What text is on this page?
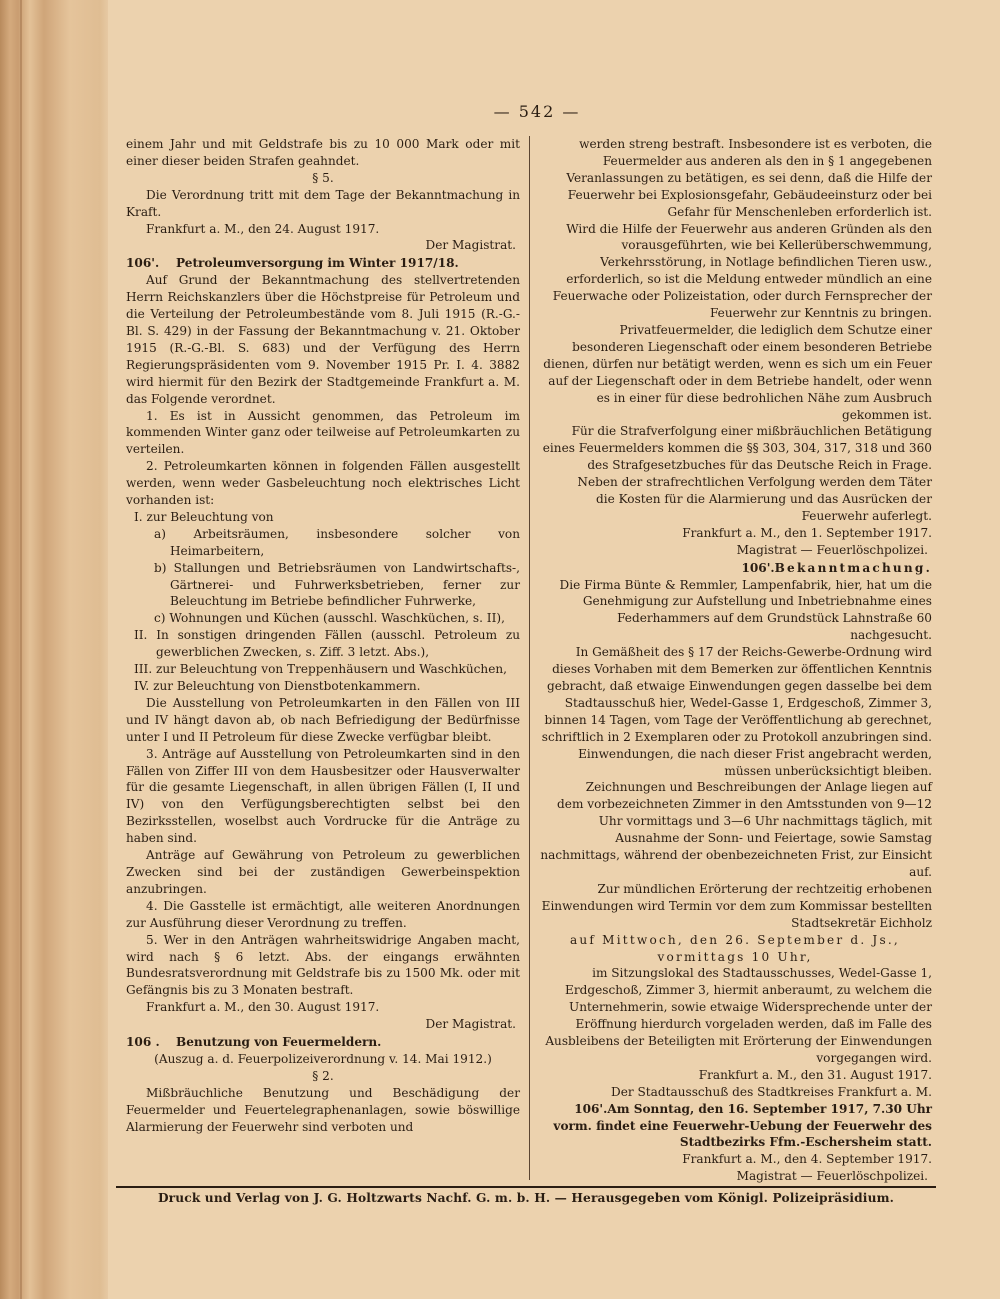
— 542 —

einem Jahr und mit Geldstrafe bis zu 10 000 Mark oder mit einer dieser beiden Strafen geahndet.

§ 5.

Die Verordnung tritt mit dem Tage der Bekanntmachung in Kraft.

Frankfurt a. M., den 24. August 1917.

Der Magistrat.

106'. Petroleumversorgung im Winter 1917/18.

Auf Grund der Bekanntmachung des stellvertretenden Herrn Reichskanzlers über die Höchstpreise für Petroleum und die Verteilung der Petroleumbestände vom 8. Juli 1915 (R.-G.-Bl. S. 429) in der Fassung der Bekanntmachung v. 21. Oktober 1915 (R.-G.-Bl. S. 683) und der Verfügung des Herrn Regierungspräsidenten vom 9. November 1915 Pr. I. 4. 3882 wird hiermit für den Bezirk der Stadtgemeinde Frankfurt a. M. das Folgende verordnet.

1. Es ist in Aussicht genommen, das Petroleum im kommenden Winter ganz oder teilweise auf Petroleumkarten zu verteilen.

2. Petroleumkarten können in folgenden Fällen ausgestellt werden, wenn weder Gasbeleuchtung noch elektrisches Licht vorhanden ist:

I. zur Beleuchtung von

a) Arbeitsräumen, insbesondere solcher von Heimarbeitern,

b) Stallungen und Betriebsräumen von Landwirtschafts-, Gärtnerei- und Fuhrwerksbetrieben, ferner zur Beleuchtung im Betriebe befindlicher Fuhrwerke,

c) Wohnungen und Küchen (ausschl. Waschküchen, s. II),

II. In sonstigen dringenden Fällen (ausschl. Petroleum zu gewerblichen Zwecken, s. Ziff. 3 letzt. Abs.),

III. zur Beleuchtung von Treppenhäusern und Waschküchen,

IV. zur Beleuchtung von Dienstbotenkammern.

Die Ausstellung von Petroleumkarten in den Fällen von III und IV hängt davon ab, ob nach Befriedigung der Bedürfnisse unter I und II Petroleum für diese Zwecke verfügbar bleibt.

3. Anträge auf Ausstellung von Petroleumkarten sind in den Fällen von Ziffer III von dem Hausbesitzer oder Hausverwalter für die gesamte Liegenschaft, in allen übrigen Fällen (I, II und IV) von den Verfügungsberechtigten selbst bei den Bezirksstellen, woselbst auch Vordrucke für die Anträge zu haben sind.

Anträge auf Gewährung von Petroleum zu gewerblichen Zwecken sind bei der zuständigen Gewerbeinspektion anzubringen.

4. Die Gasstelle ist ermächtigt, alle weiteren Anordnungen zur Ausführung dieser Verordnung zu treffen.

5. Wer in den Anträgen wahrheitswidrige Angaben macht, wird nach § 6 letzt. Abs. der eingangs erwähnten Bundesratsverordnung mit Geldstrafe bis zu 1500 Mk. oder mit Gefängnis bis zu 3 Monaten bestraft.

Frankfurt a. M., den 30. August 1917.

Der Magistrat.

106 . Benutzung von Feuermeldern.

(Auszug a. d. Feuerpolizeiverordnung v. 14. Mai 1912.)

§ 2.

Mißbräuchliche Benutzung und Beschädigung der Feuermelder und Feuertelegraphenanlagen, sowie böswillige Alarmierung der Feuerwehr sind verboten und

werden streng bestraft. Insbesondere ist es verboten, die Feuermelder aus anderen als den in § 1 angegebenen Veranlassungen zu betätigen, es sei denn, daß die Hilfe der Feuerwehr bei Explosionsgefahr, Gebäudeeinsturz oder bei Gefahr für Menschenleben erforderlich ist.

Wird die Hilfe der Feuerwehr aus anderen Gründen als den vorausgeführten, wie bei Kellerüberschwemmung, Verkehrsstörung, in Notlage befindlichen Tieren usw., erforderlich, so ist die Meldung entweder mündlich an eine Feuerwache oder Polizeistation, oder durch Fernsprecher der Feuerwehr zur Kenntnis zu bringen.

Privatfeuermelder, die lediglich dem Schutze einer besonderen Liegenschaft oder einem besonderen Betriebe dienen, dürfen nur betätigt werden, wenn es sich um ein Feuer auf der Liegenschaft oder in dem Betriebe handelt, oder wenn es in einer für diese bedrohlichen Nähe zum Ausbruch gekommen ist.

Für die Strafverfolgung einer mißbräuchlichen Betätigung eines Feuermelders kommen die §§ 303, 304, 317, 318 und 360 des Strafgesetzbuches für das Deutsche Reich in Frage.

Neben der strafrechtlichen Verfolgung werden dem Täter die Kosten für die Alarmierung und das Ausrücken der Feuerwehr auferlegt.

Frankfurt a. M., den 1. September 1917.

Magistrat — Feuerlöschpolizei.

106'.Bekanntmachung.

Die Firma Bünte & Remmler, Lampenfabrik, hier, hat um die Genehmigung zur Aufstellung und Inbetriebnahme eines Federhammers auf dem Grundstück Lahnstraße 60 nachgesucht.

In Gemäßheit des § 17 der Reichs-Gewerbe-Ordnung wird dieses Vorhaben mit dem Bemerken zur öffentlichen Kenntnis gebracht, daß etwaige Einwendungen gegen dasselbe bei dem Stadtausschuß hier, Wedel-Gasse 1, Erdgeschoß, Zimmer 3, binnen 14 Tagen, vom Tage der Veröffentlichung ab gerechnet, schriftlich in 2 Exemplaren oder zu Protokoll anzubringen sind.

Einwendungen, die nach dieser Frist angebracht werden, müssen unberücksichtigt bleiben.

Zeichnungen und Beschreibungen der Anlage liegen auf dem vorbezeichneten Zimmer in den Amtsstunden von 9—12 Uhr vormittags und 3—6 Uhr nachmittags täglich, mit Ausnahme der Sonn- und Feiertage, sowie Samstag nachmittags, während der obenbezeichneten Frist, zur Einsicht auf.

Zur mündlichen Erörterung der rechtzeitig erhobenen Einwendungen wird Termin vor dem zum Kommissar bestellten Stadtsekretär Eichholz

auf Mittwoch, den 26. September d. Js.,

vormittags 10 Uhr,

im Sitzungslokal des Stadtausschusses, Wedel-Gasse 1, Erdgeschoß, Zimmer 3, hiermit anberaumt, zu welchem die Unternehmerin, sowie etwaige Widersprechende unter der Eröffnung hierdurch vorgeladen werden, daß im Falle des Ausbleibens der Beteiligten mit Erörterung der Einwendungen vorgegangen wird.

Frankfurt a. M., den 31. August 1917.

Der Stadtausschuß des Stadtkreises Frankfurt a. M.

106'.Am Sonntag, den 16. September 1917, 7.30 Uhr vorm. findet eine Feuerwehr-Uebung der Feuerwehr des Stadtbezirks Ffm.-Eschersheim statt.

Frankfurt a. M., den 4. September 1917.

Magistrat — Feuerlöschpolizei.

Druck und Verlag von J. G. Holtzwarts Nachf. G. m. b. H. — Herausgegeben vom Königl. Polizeipräsidium.
